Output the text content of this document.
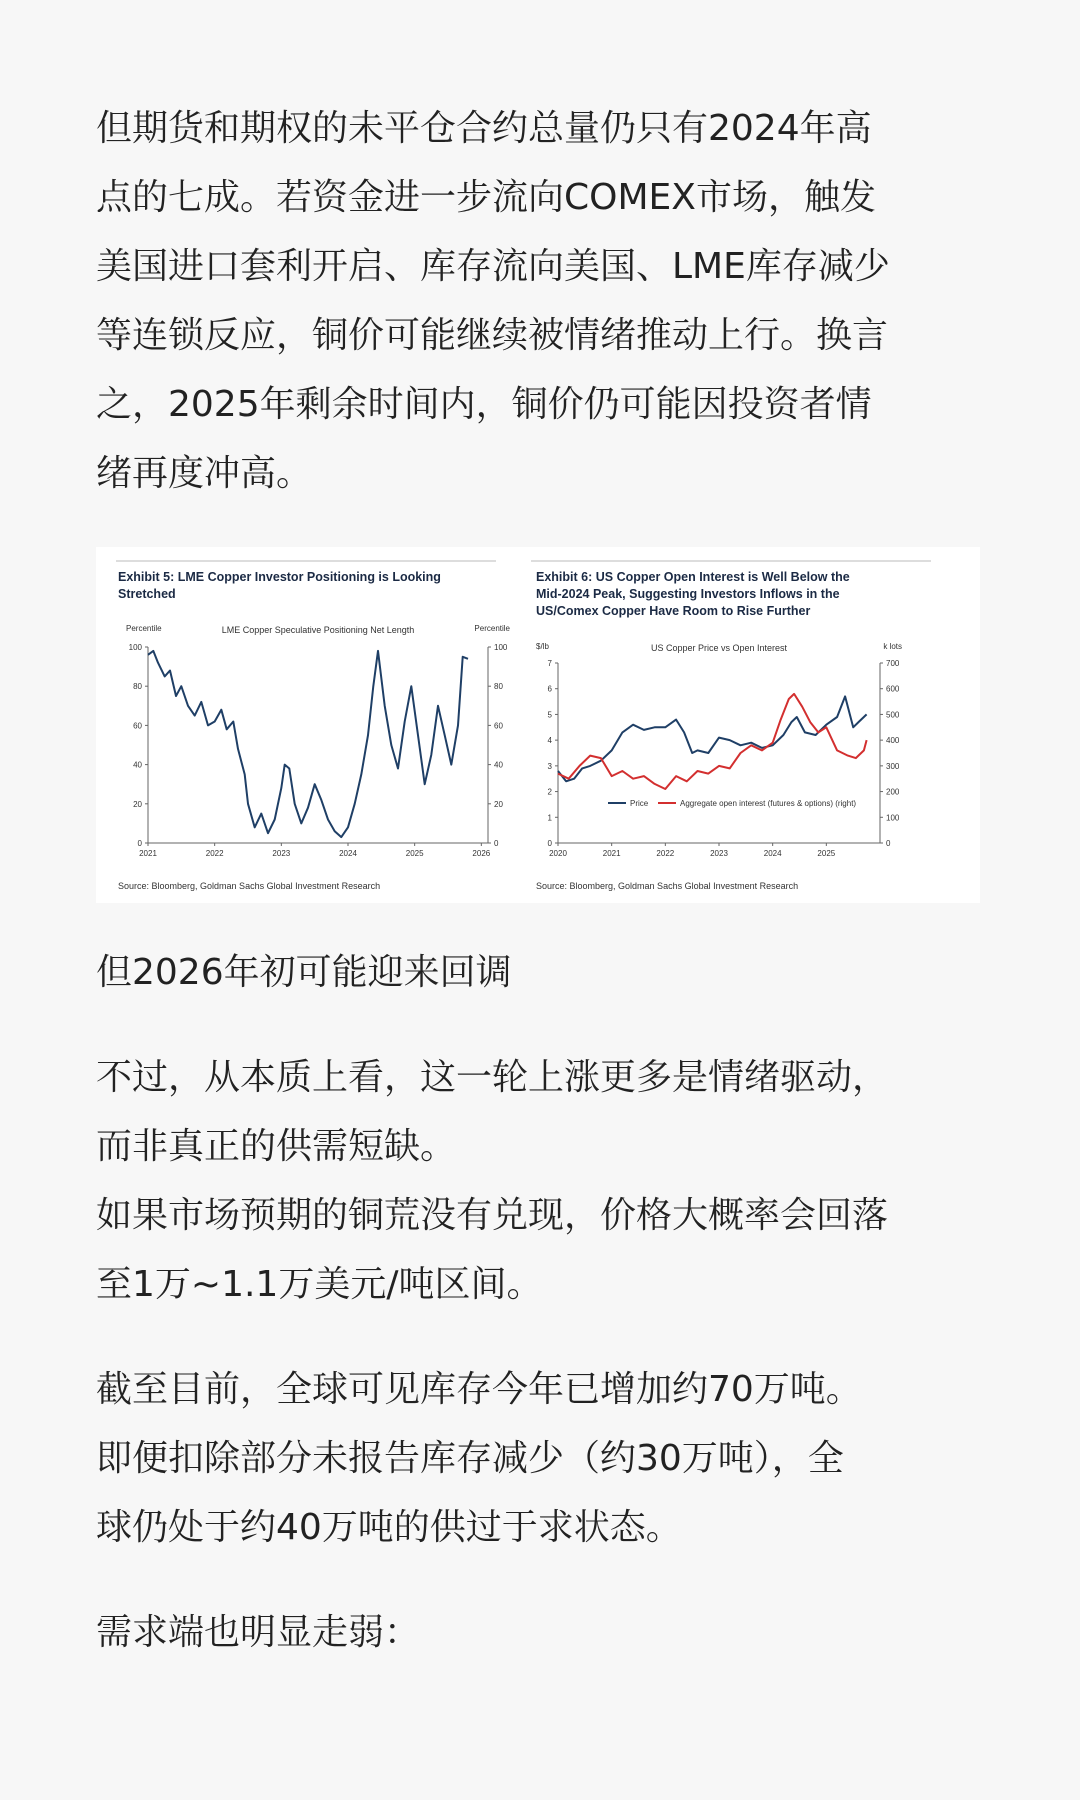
但期货和期权的未平仓合约总量仍只有2024年高
点的七成。若资金进一步流向COMEX市场，触发
美国进口套利开启、库存流向美国、LME库存减少
等连锁反应，铜价可能继续被情绪推动上行。换言
之，2025年剩余时间内，铜价仍可能因投资者情
绪再度冲高。
Exhibit 5: LME Copper Investor Positioning is Looking
Stretched
LME Copper Speculative Positioning Net Length
Percentile	Percentile
0
20
40
60
80
100
0
20
40
60
80
100
2021	2022	2023	2024	2025	2026
Source: Bloomberg, Goldman Sachs Global Investment Research
Exhibit 6: US Copper Open Interest is Well Below the
Mid-2024 Peak, Suggesting Investors Inflows in the
US/Comex Copper Have Room to Rise Further
US Copper Price vs Open Interest
$/lb	k lots
0
1
2
3
4
5
6
7
0
100
200
300
400
500
600
700
2020	2021	2022	2023	2024	2025
Price	Aggregate open interest (futures & options) (right)
Source: Bloomberg, Goldman Sachs Global Investment Research
但2026年初可能迎来回调
不过，从本质上看，这一轮上涨更多是情绪驱动，
而非真正的供需短缺。
如果市场预期的铜荒没有兑现，价格大概率会回落
至1万~1.1万美元/吨区间。
截至目前，全球可见库存今年已增加约70万吨。
即便扣除部分未报告库存减少（约30万吨），全
球仍处于约40万吨的供过于求状态。
需求端也明显走弱：
